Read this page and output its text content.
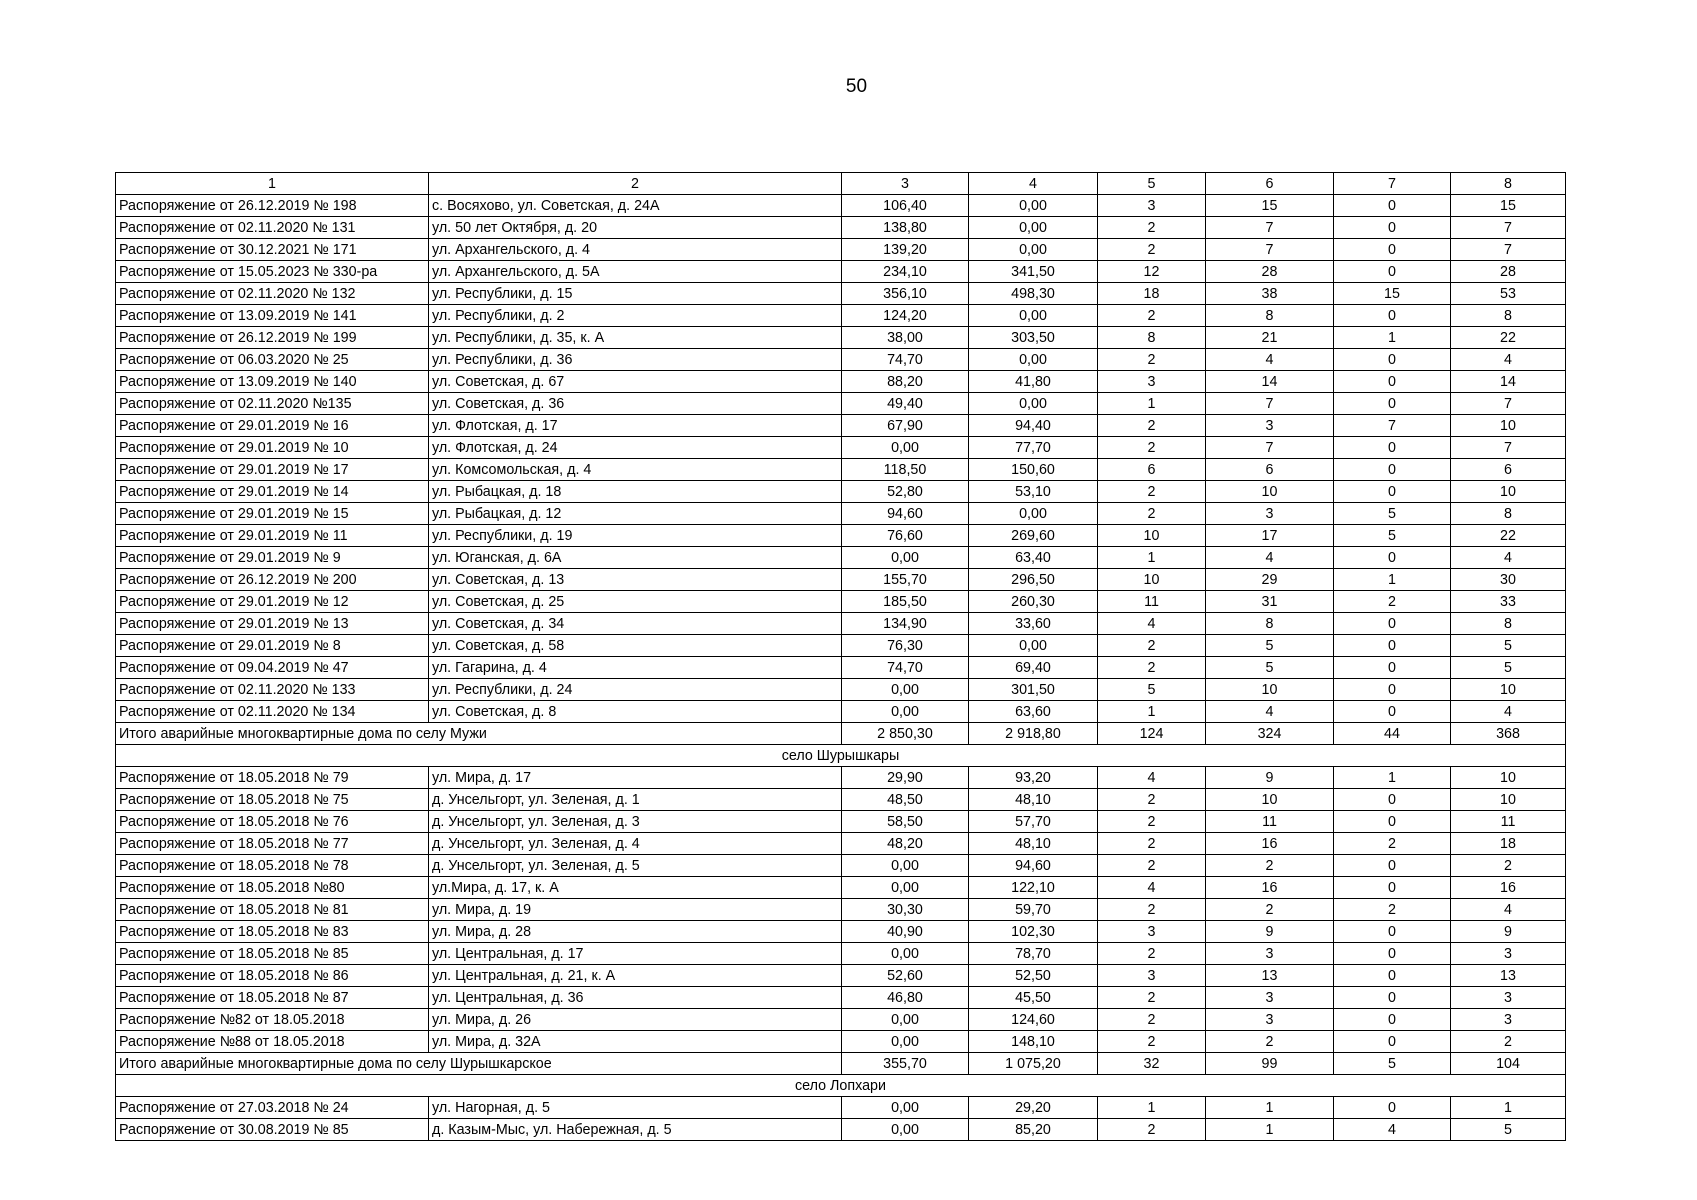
50
1	2	3	4	5	6	7	8
Распоряжение от 26.12.2019 № 198	с. Восяхово, ул. Советская, д. 24А	106,40	0,00	3	15	0	15
Распоряжение от 02.11.2020 № 131	ул. 50 лет Октября, д. 20	138,80	0,00	2	7	0	7
Распоряжение от 30.12.2021 № 171	ул. Архангельского, д. 4	139,20	0,00	2	7	0	7
Распоряжение от 15.05.2023 № 330-ра	ул. Архангельского, д. 5А	234,10	341,50	12	28	0	28
Распоряжение от 02.11.2020 № 132	ул. Республики, д. 15	356,10	498,30	18	38	15	53
Распоряжение от 13.09.2019 № 141	ул. Республики, д. 2	124,20	0,00	2	8	0	8
Распоряжение от 26.12.2019 № 199	ул. Республики, д. 35, к. А	38,00	303,50	8	21	1	22
Распоряжение от 06.03.2020 № 25	ул. Республики, д. 36	74,70	0,00	2	4	0	4
Распоряжение от 13.09.2019 № 140	ул. Советская, д. 67	88,20	41,80	3	14	0	14
Распоряжение от 02.11.2020 №135	ул. Советская, д. 36	49,40	0,00	1	7	0	7
Распоряжение от 29.01.2019 № 16	ул. Флотская, д. 17	67,90	94,40	2	3	7	10
Распоряжение от 29.01.2019 № 10	ул. Флотская, д. 24	0,00	77,70	2	7	0	7
Распоряжение от 29.01.2019 № 17	ул. Комсомольская, д. 4	118,50	150,60	6	6	0	6
Распоряжение от 29.01.2019 № 14	ул. Рыбацкая, д. 18	52,80	53,10	2	10	0	10
Распоряжение от 29.01.2019 № 15	ул. Рыбацкая, д. 12	94,60	0,00	2	3	5	8
Распоряжение от 29.01.2019 № 11	ул. Республики, д. 19	76,60	269,60	10	17	5	22
Распоряжение от 29.01.2019 № 9	ул. Юганская, д. 6А	0,00	63,40	1	4	0	4
Распоряжение от 26.12.2019 № 200	ул. Советская, д. 13	155,70	296,50	10	29	1	30
Распоряжение от 29.01.2019 № 12	ул. Советская, д. 25	185,50	260,30	11	31	2	33
Распоряжение от 29.01.2019 № 13	ул. Советская, д. 34	134,90	33,60	4	8	0	8
Распоряжение от 29.01.2019 № 8	ул. Советская, д. 58	76,30	0,00	2	5	0	5
Распоряжение от 09.04.2019 № 47	ул. Гагарина, д. 4	74,70	69,40	2	5	0	5
Распоряжение от 02.11.2020 № 133	ул. Республики, д. 24	0,00	301,50	5	10	0	10
Распоряжение от 02.11.2020 № 134	ул. Советская, д. 8	0,00	63,60	1	4	0	4
Итого аварийные многоквартирные дома по селу Мужи		2 850,30	2 918,80	124	324	44	368
село Шурышкары							
Распоряжение от 18.05.2018 № 79	ул. Мира, д. 17	29,90	93,20	4	9	1	10
Распоряжение от 18.05.2018 № 75	д. Унсельгорт, ул. Зеленая, д. 1	48,50	48,10	2	10	0	10
Распоряжение от 18.05.2018 № 76	д. Унсельгорт, ул. Зеленая, д. 3	58,50	57,70	2	11	0	11
Распоряжение от 18.05.2018 № 77	д. Унсельгорт, ул. Зеленая, д. 4	48,20	48,10	2	16	2	18
Распоряжение от 18.05.2018 № 78	д. Унсельгорт, ул. Зеленая, д. 5	0,00	94,60	2	2	0	2
Распоряжение от 18.05.2018 №80	ул.Мира, д. 17, к. А	0,00	122,10	4	16	0	16
Распоряжение от 18.05.2018 № 81	ул. Мира, д. 19	30,30	59,70	2	2	2	4
Распоряжение от 18.05.2018 № 83	ул. Мира, д. 28	40,90	102,30	3	9	0	9
Распоряжение от 18.05.2018 № 85	ул. Центральная, д. 17	0,00	78,70	2	3	0	3
Распоряжение от 18.05.2018 № 86	ул. Центральная, д. 21, к. А	52,60	52,50	3	13	0	13
Распоряжение от 18.05.2018 № 87	ул. Центральная, д. 36	46,80	45,50	2	3	0	3
Распоряжение №82 от 18.05.2018	ул. Мира, д. 26	0,00	124,60	2	3	0	3
Распоряжение №88 от 18.05.2018	ул. Мира, д. 32А	0,00	148,10	2	2	0	2
Итого аварийные многоквартирные дома по селу Шурышкарское		355,70	1 075,20	32	99	5	104
село Лопхари							
Распоряжение от 27.03.2018 № 24	ул. Нагорная, д. 5	0,00	29,20	1	1	0	1
Распоряжение от 30.08.2019 № 85	д. Казым-Мыс, ул. Набережная, д. 5	0,00	85,20	2	1	4	5
